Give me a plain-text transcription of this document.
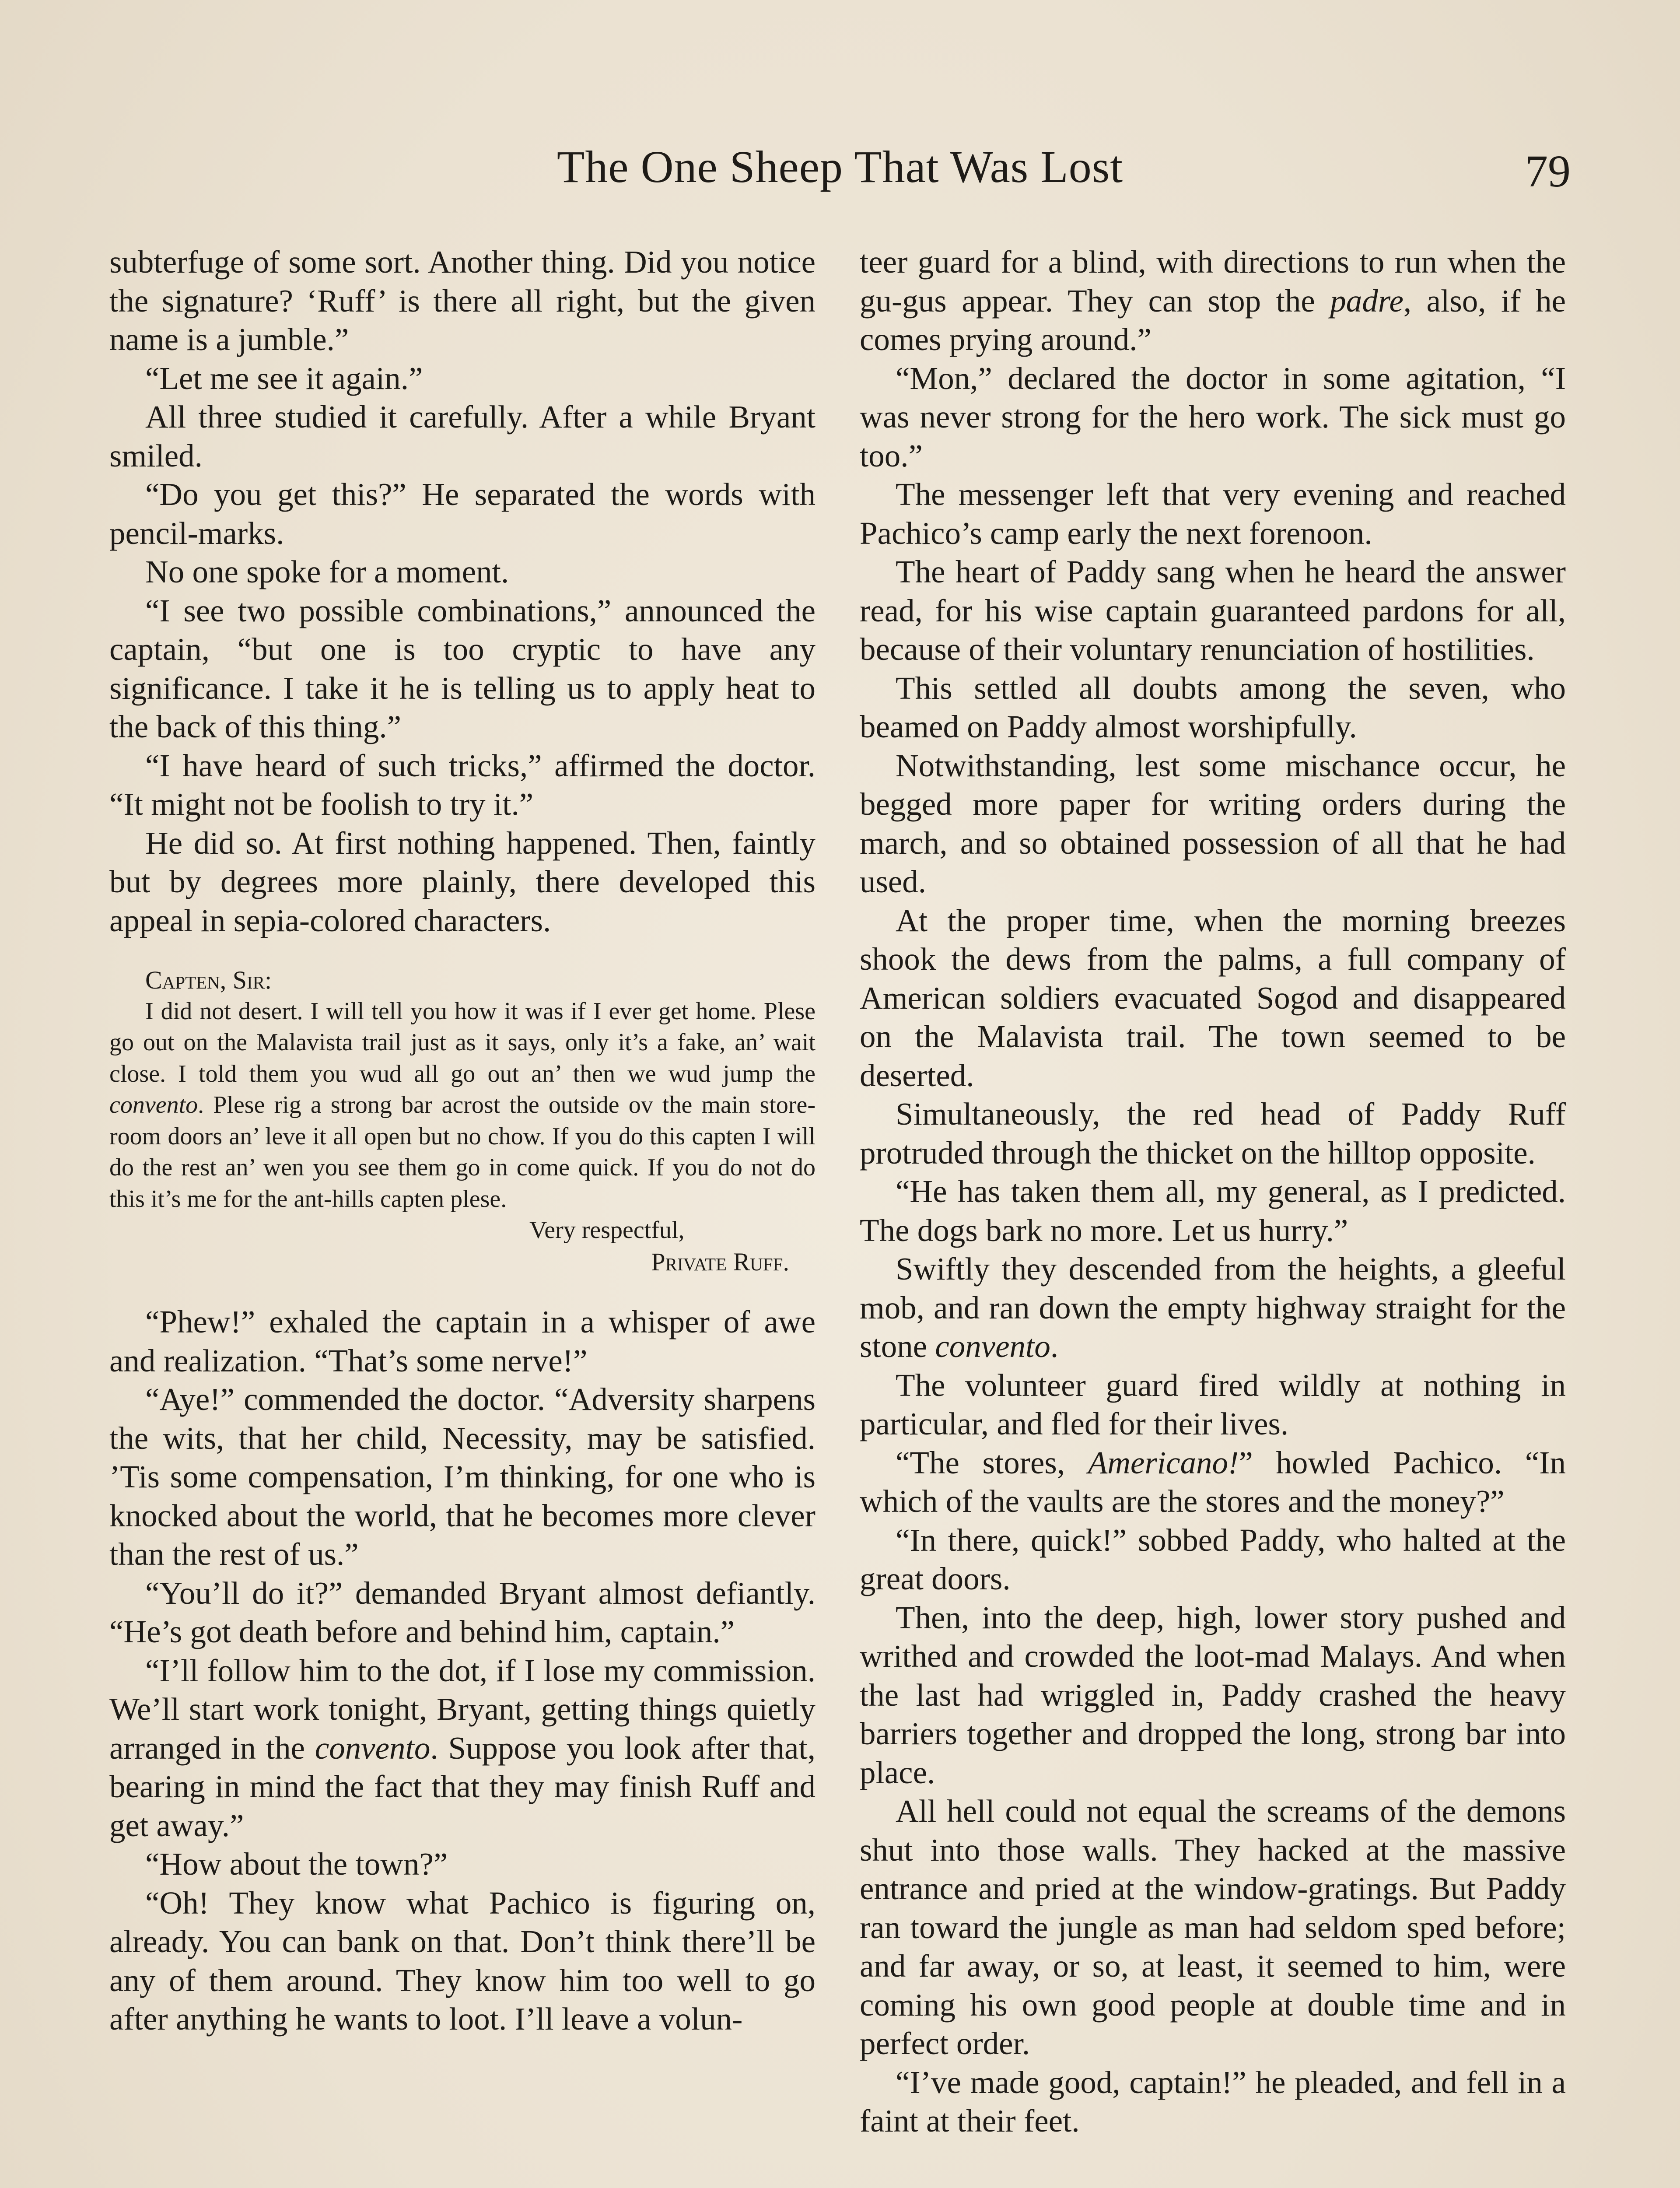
The One Sheep That Was Lost	79

subterfuge of some sort. Another thing. Did you notice the signature? ‘Ruff’ is there all right, but the given name is a jumble.”

“Let me see it again.”

All three studied it carefully. After a while Bryant smiled.

“Do you get this?” He separated the words with pencil-marks.

No one spoke for a moment.

“I see two possible combinations,” announced the captain, “but one is too cryptic to have any significance. I take it he is telling us to apply heat to the back of this thing.”

“I have heard of such tricks,” affirmed the doctor. “It might not be foolish to try it.”

He did so. At first nothing happened. Then, faintly but by degrees more plainly, there developed this appeal in sepia-colored characters.

Capten, Sir:

I did not desert. I will tell you how it was if I ever get home. Plese go out on the Malavista trail just as it says, only it’s a fake, an’ wait close. I told them you wud all go out an’ then we wud jump the convento. Plese rig a strong bar acrost the outside ov the main store-room doors an’ leve it all open but no chow. If you do this capten I will do the rest an’ wen you see them go in come quick. If you do not do this it’s me for the ant-hills capten plese.

Very respectful,

Private Ruff.

“Phew!” exhaled the captain in a whisper of awe and realization. “That’s some nerve!”

“Aye!” commended the doctor. “Adversity sharpens the wits, that her child, Necessity, may be satisfied. ’Tis some compensation, I’m thinking, for one who is knocked about the world, that he becomes more clever than the rest of us.”

“You’ll do it?” demanded Bryant almost defiantly. “He’s got death before and behind him, captain.”

“I’ll follow him to the dot, if I lose my commission. We’ll start work tonight, Bryant, getting things quietly arranged in the convento. Suppose you look after that, bearing in mind the fact that they may finish Ruff and get away.”

“How about the town?”

“Oh! They know what Pachico is figuring on, already. You can bank on that. Don’t think there’ll be any of them around. They know him too well to go after anything he wants to loot. I’ll leave a volun-

teer guard for a blind, with directions to run when the gu-gus appear. They can stop the padre, also, if he comes prying around.”

“Mon,” declared the doctor in some agitation, “I was never strong for the hero work. The sick must go too.”

The messenger left that very evening and reached Pachico’s camp early the next forenoon.

The heart of Paddy sang when he heard the answer read, for his wise captain guaranteed pardons for all, because of their voluntary renunciation of hostilities.

This settled all doubts among the seven, who beamed on Paddy almost worshipfully.

Notwithstanding, lest some mischance occur, he begged more paper for writing orders during the march, and so obtained possession of all that he had used.

At the proper time, when the morning breezes shook the dews from the palms, a full company of American soldiers evacuated Sogod and disappeared on the Malavista trail. The town seemed to be deserted.

Simultaneously, the red head of Paddy Ruff protruded through the thicket on the hilltop opposite.

“He has taken them all, my general, as I predicted. The dogs bark no more. Let us hurry.”

Swiftly they descended from the heights, a gleeful mob, and ran down the empty highway straight for the stone convento.

The volunteer guard fired wildly at nothing in particular, and fled for their lives.

“The stores, Americano!” howled Pachico. “In which of the vaults are the stores and the money?”

“In there, quick!” sobbed Paddy, who halted at the great doors.

Then, into the deep, high, lower story pushed and writhed and crowded the loot-mad Malays. And when the last had wriggled in, Paddy crashed the heavy barriers together and dropped the long, strong bar into place.

All hell could not equal the screams of the demons shut into those walls. They hacked at the massive entrance and pried at the window-gratings. But Paddy ran toward the jungle as man had seldom sped before; and far away, or so, at least, it seemed to him, were coming his own good people at double time and in perfect order.

“I’ve made good, captain!” he pleaded, and fell in a faint at their feet.
